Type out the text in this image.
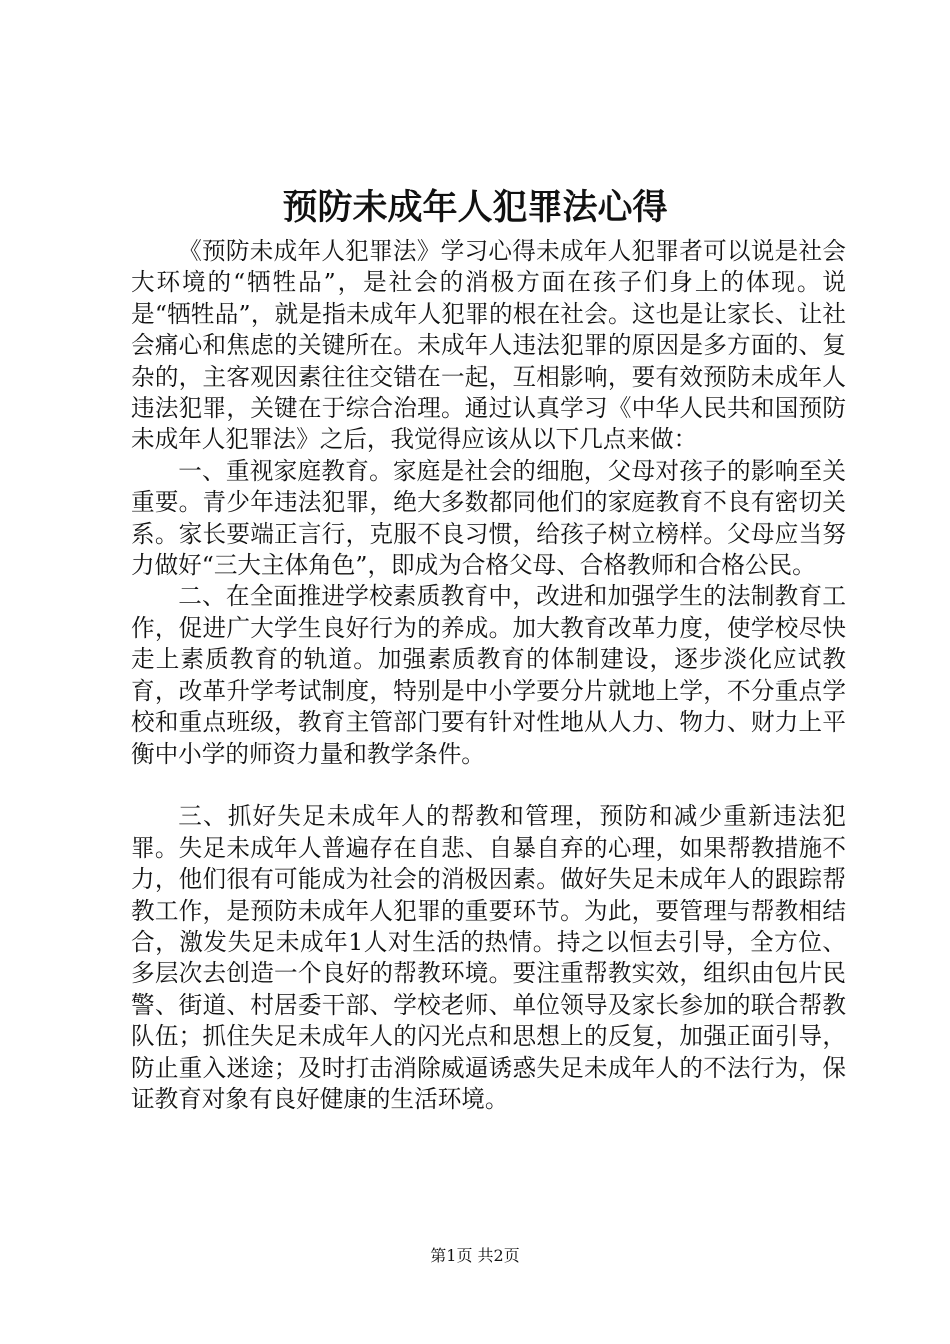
预防未成年人犯罪法心得

《预防未成年人犯罪法》学习心得未成年人犯罪者可以说是社会大环境的“牺牲品”，是社会的消极方面在孩子们身上的体现。说是“牺牲品”，就是指未成年人犯罪的根在社会。这也是让家长、让社会痛心和焦虑的关键所在。未成年人违法犯罪的原因是多方面的、复杂的，主客观因素往往交错在一起，互相影响，要有效预防未成年人违法犯罪，关键在于综合治理。通过认真学习《中华人民共和国预防未成年人犯罪法》之后，我觉得应该从以下几点来做：

一、重视家庭教育。家庭是社会的细胞，父母对孩子的影响至关重要。青少年违法犯罪，绝大多数都同他们的家庭教育不良有密切关系。家长要端正言行，克服不良习惯，给孩子树立榜样。父母应当努力做好“三大主体角色”，即成为合格父母、合格教师和合格公民。

二、在全面推进学校素质教育中，改进和加强学生的法制教育工作，促进广大学生良好行为的养成。加大教育改革力度，使学校尽快走上素质教育的轨道。加强素质教育的体制建设，逐步淡化应试教育，改革升学考试制度，特别是中小学要分片就地上学，不分重点学校和重点班级，教育主管部门要有针对性地从人力、物力、财力上平衡中小学的师资力量和教学条件。

三、抓好失足未成年人的帮教和管理，预防和减少重新违法犯罪。失足未成年人普遍存在自悲、自暴自弃的心理，如果帮教措施不力，他们很有可能成为社会的消极因素。做好失足未成年人的跟踪帮教工作，是预防未成年人犯罪的重要环节。为此，要管理与帮教相结合，激发失足未成年1人对生活的热情。持之以恒去引导，全方位、多层次去创造一个良好的帮教环境。要注重帮教实效，组织由包片民警、街道、村居委干部、学校老师、单位领导及家长参加的联合帮教队伍；抓住失足未成年人的闪光点和思想上的反复，加强正面引导，防止重入迷途；及时打击消除威逼诱惑失足未成年人的不法行为，保证教育对象有良好健康的生活环境。

第1页 共2页
